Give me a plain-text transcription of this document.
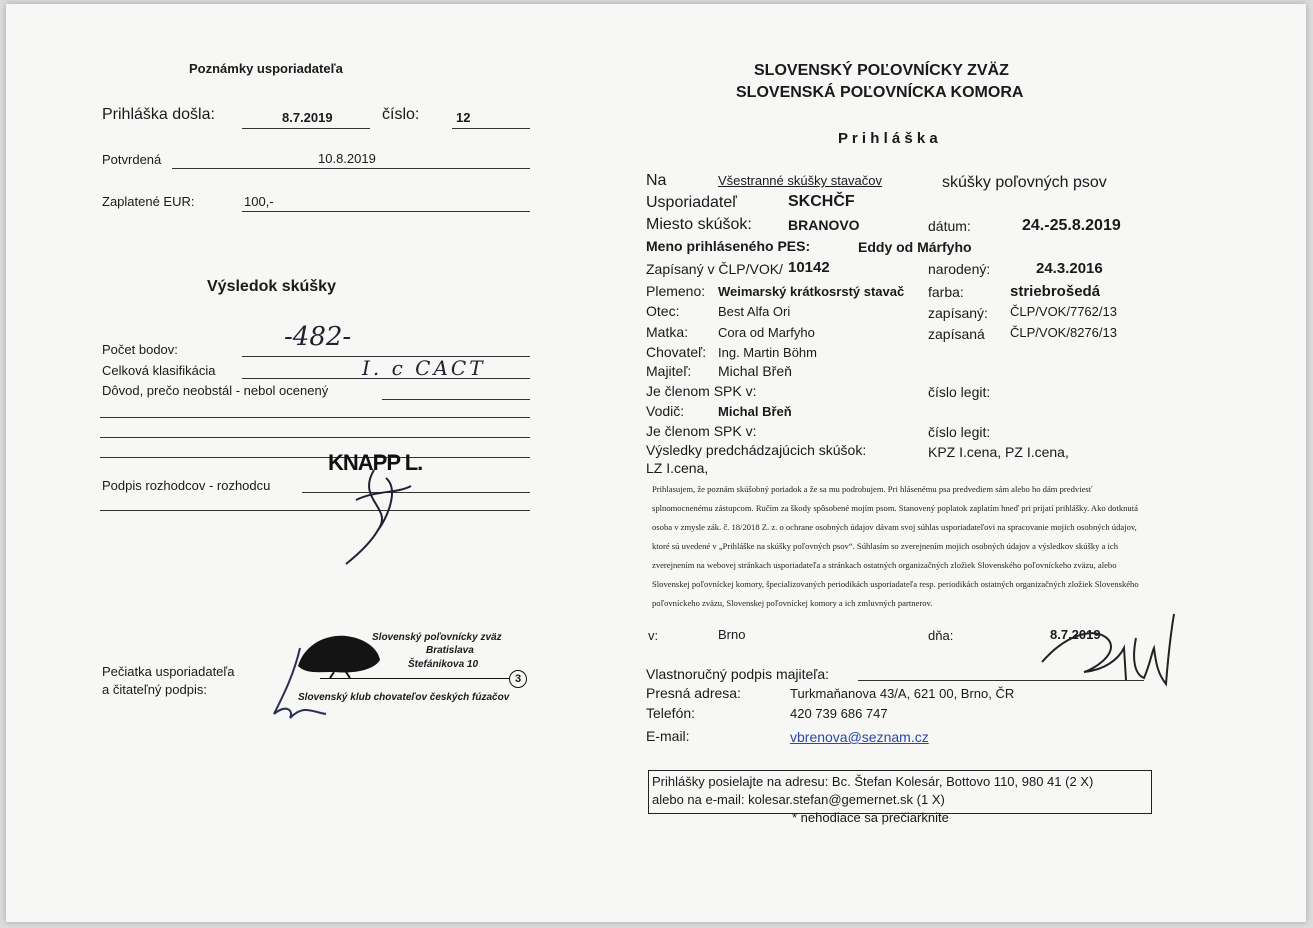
Poznámky usporiadateľa
Prihláška došla:	8.7.2019	číslo:	12
Potvrdená	10.8.2019
Zaplatené EUR:	100,-
Výsledok skúšky
Počet bodov:	-482-
Celková klasifikácia	I. c CACT
Dôvod, prečo neobstál - nebol ocenený
Podpis rozhodcov - rozhodcu
KNAPP L.
Pečiatka usporiadateľa
a čitateľný podpis:
Slovenský poľovnícky zväz
Bratislava
Štefánikova 10
3
Slovenský klub chovateľov českých fúzačov
SLOVENSKÝ POĽOVNÍCKY ZVÄZ
SLOVENSKÁ POĽOVNÍCKA KOMORA
P r i h l á š k a
Na	Všestranné skúšky stavačov	skúšky poľovných psov
Usporiadateľ	SKCHČF
Miesto skúšok:	BRANOVO	dátum:	24.-25.8.2019
Meno prihláseného PES:	Eddy od Márfyho
Zapísaný v ČLP/VOK/ 10142	narodený:	24.3.2016
Plemeno: Weimarský krátkosrstý stavač farba:	striebrošedá
Otec:	Best Alfa Ori	zapísaný: ČLP/VOK/7762/13
Matka: Cora od Marfyho	zapísaná ČLP/VOK/8276/13
Chovateľ: Ing. Martin Böhm
Majiteľ: Michal Břeň
Je členom SPK v:	číslo legit:
Vodič:	Michal Břeň
Je členom SPK v:	číslo legit:
Výsledky predchádzajúcich skúšok:	KPZ I.cena, PZ I.cena,
LZ I.cena,
Prihlasujem, že poznám skúšobný poriadok a že sa mu podrobujem. Pri hlásenému psa predvediem sám alebo ho dám predviesť splnomocnenému zástupcom. Ručím za škody spôsobené mojím psom. Stanovený poplatok zaplatím hneď pri prijatí prihlášky. Ako dotknutá osoba v zmysle zák. č. 18/2018 Z. z. o ochrane osobných údajov dávam svoj súhlas usporiadateľovi na spracovanie mojich osobných údajov, ktoré sú uvedené v „Prihláške na skúšky poľovných psov“. Súhlasím so zverejnením mojich osobných údajov a výsledkov skúšky a ich zverejnením na webovej stránkach usporiadateľa a stránkach ostatných organizačných zložiek Slovenského poľovníckeho zväzu, alebo Slovenskej poľovníckej komory, špecializovaných periodikách usporiadateľa resp. periodikách ostatných organizačných zložiek Slovenského poľovníckeho zväzu, Slovenskej poľovníckej komory a ich zmluvných partnerov.
v:	Brno	dňa:	8.7.2019
Vlastnoručný podpis majiteľa:
Presná adresa:	Turkmaňanova 43/A, 621 00, Brno, ČR
Telefón:	420 739 686 747
E-mail:	vbrenova@seznam.cz
Prihlášky posielajte na adresu: Bc. Štefan Kolesár, Bottovo 110, 980 41 (2 X)
alebo na e-mail: kolesar.stefan@gemernet.sk (1 X)
* nehodiace sa prečiarknite
